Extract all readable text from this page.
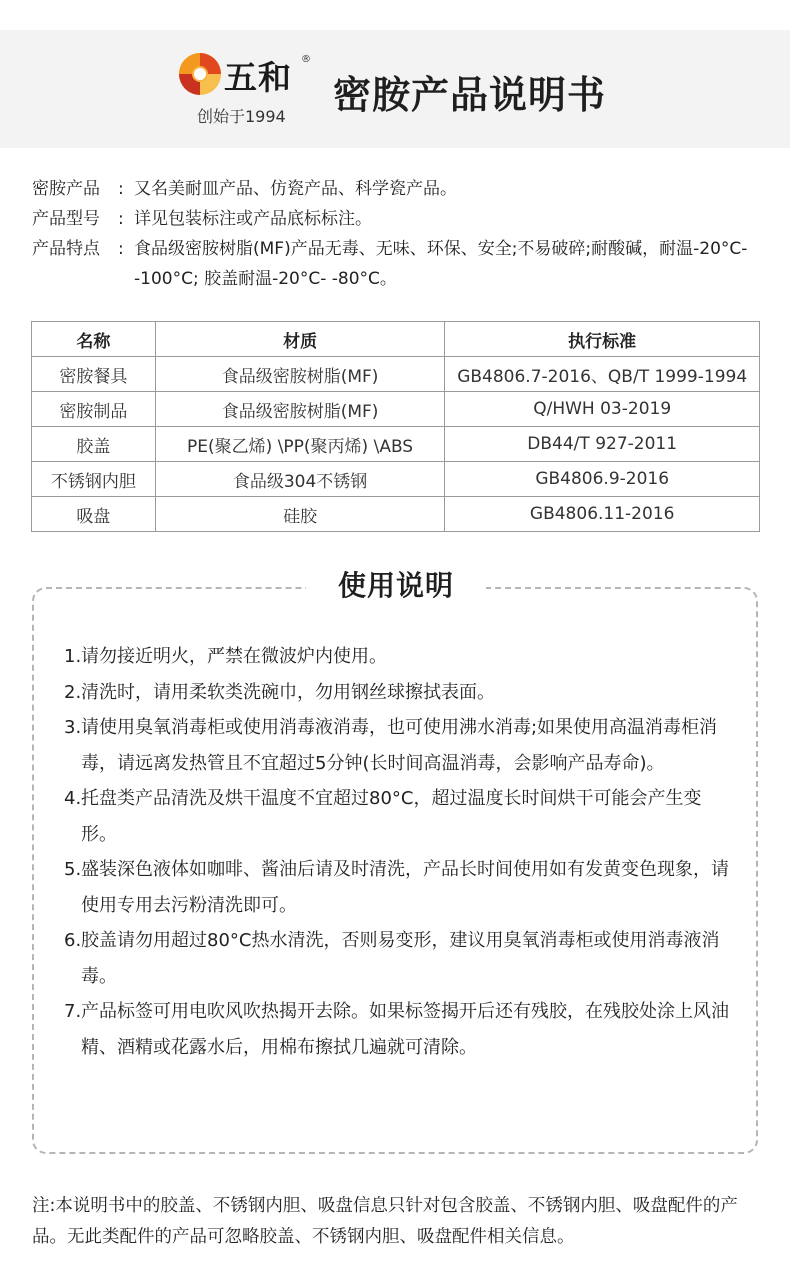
五和 ®
创始于1994 密胺产品说明书
密胺产品	: 又名美耐皿产品、仿瓷产品、科学瓷产品。
产品型号	: 详见包装标注或产品底标标注。
产品特点	: 食品级密胺树脂(MF)产品无毒、无味、环保、安全;不易破碎;耐酸碱，耐温-20°C- -100°C; 胶盖耐温-20°C- -80°C。
名称	材质	执行标准
密胺餐具	食品级密胺树脂(MF)	GB4806.7-2016、QB/T 1999-1994
密胺制品	食品级密胺树脂(MF)	Q/HWH 03-2019
胶盖	PE(聚乙烯) \PP(聚丙烯) \ABS	DB44/T 927-2011
不锈钢内胆	食品级304不锈钢	GB4806.9-2016
吸盘	硅胶	GB4806.11-2016
使用说明
1. 请勿接近明火，严禁在微波炉内使用。
2. 清洗时，请用柔软类洗碗巾，勿用钢丝球擦拭表面。
3. 请使用臭氧消毒柜或使用消毒液消毒，也可使用沸水消毒;如果使用高温消毒柜消毒，请远离发热管且不宜超过5分钟(长时间高温消毒，会影响产品寿命)。
4. 托盘类产品清洗及烘干温度不宜超过80°C，超过温度长时间烘干可能会产生变形。
5. 盛装深色液体如咖啡、酱油后请及时清洗，产品长时间使用如有发黄变色现象，请使用专用去污粉清洗即可。
6. 胶盖请勿用超过80°C热水清洗，否则易变形，建议用臭氧消毒柜或使用消毒液消毒。
7. 产品标签可用电吹风吹热揭开去除。如果标签揭开后还有残胶，在残胶处涂上风油精、酒精或花露水后，用棉布擦拭几遍就可清除。
注:本说明书中的胶盖、不锈钢内胆、吸盘信息只针对包含胶盖、不锈钢内胆、吸盘配件的产品。无此类配件的产品可忽略胶盖、不锈钢内胆、吸盘配件相关信息。
